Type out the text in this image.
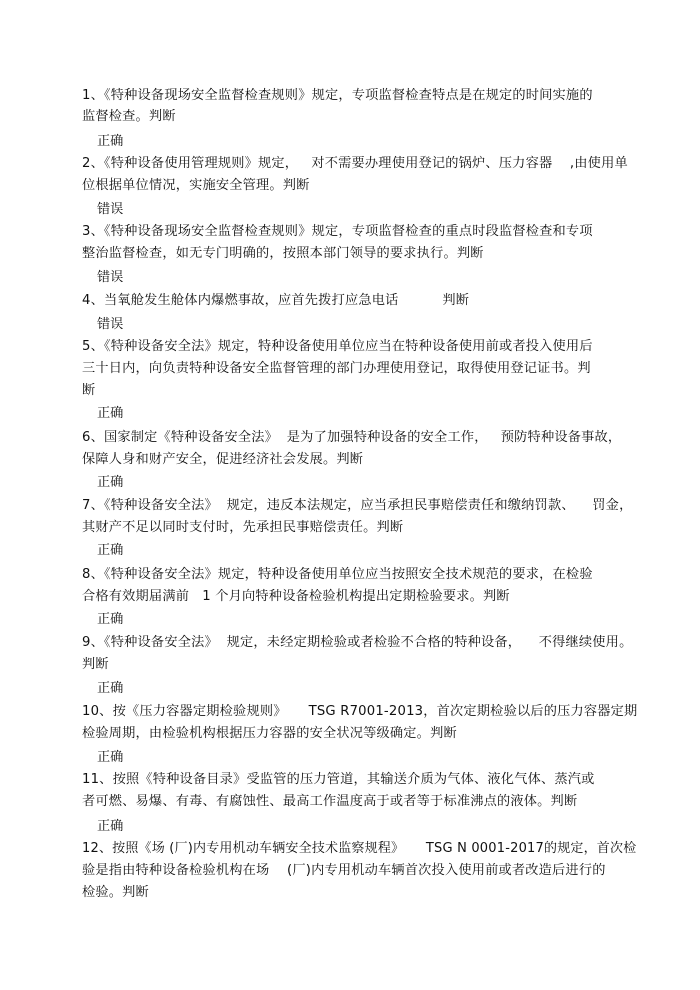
1、《特种设备现场安全监督检查规则》规定，专项监督检查特点是在规定的时间实施的

监督检查。判断

正确

2、《特种设备使用管理规则》规定，   对不需要办理使用登记的锅炉、压力容器    ,由使用单

位根据单位情况，实施安全管理。判断

错误

3、《特种设备现场安全监督检查规则》规定，专项监督检查的重点时段监督检查和专项

整治监督检查，如无专门明确的，按照本部门领导的要求执行。判断

错误

4、当氧舱发生舱体内爆燃事故，应首先拨打应急电话          判断

错误

5、《特种设备安全法》规定，特种设备使用单位应当在特种设备使用前或者投入使用后

三十日内，向负责特种设备安全监督管理的部门办理使用登记，取得使用登记证书。判

断

正确

6、国家制定《特种设备安全法》  是为了加强特种设备的安全工作，   预防特种设备事故，

保障人身和财产安全，促进经济社会发展。判断

正确

7、《特种设备安全法》  规定，违反本法规定，应当承担民事赔偿责任和缴纳罚款、    罚金，

其财产不足以同时支付时，先承担民事赔偿责任。判断

正确

8、《特种设备安全法》规定，特种设备使用单位应当按照安全技术规范的要求，在检验

合格有效期届满前   1 个月向特种设备检验机构提出定期检验要求。判断

正确

9、《特种设备安全法》  规定，未经定期检验或者检验不合格的特种设备，    不得继续使用。

判断

正确

10、按《压力容器定期检验规则》     TSG R7001-2013，首次定期检验以后的压力容器定期

检验周期，由检验机构根据压力容器的安全状况等级确定。判断

正确

11、按照《特种设备目录》受监管的压力管道，其输送介质为气体、液化气体、蒸汽或

者可燃、易爆、有毒、有腐蚀性、最高工作温度高于或者等于标准沸点的液体。判断

正确

12、按照《场 (厂)内专用机动车辆安全技术监察规程》     TSG N 0001-2017的规定，首次检

验是指由特种设备检验机构在场    (厂)内专用机动车辆首次投入使用前或者改造后进行的

检验。判断
